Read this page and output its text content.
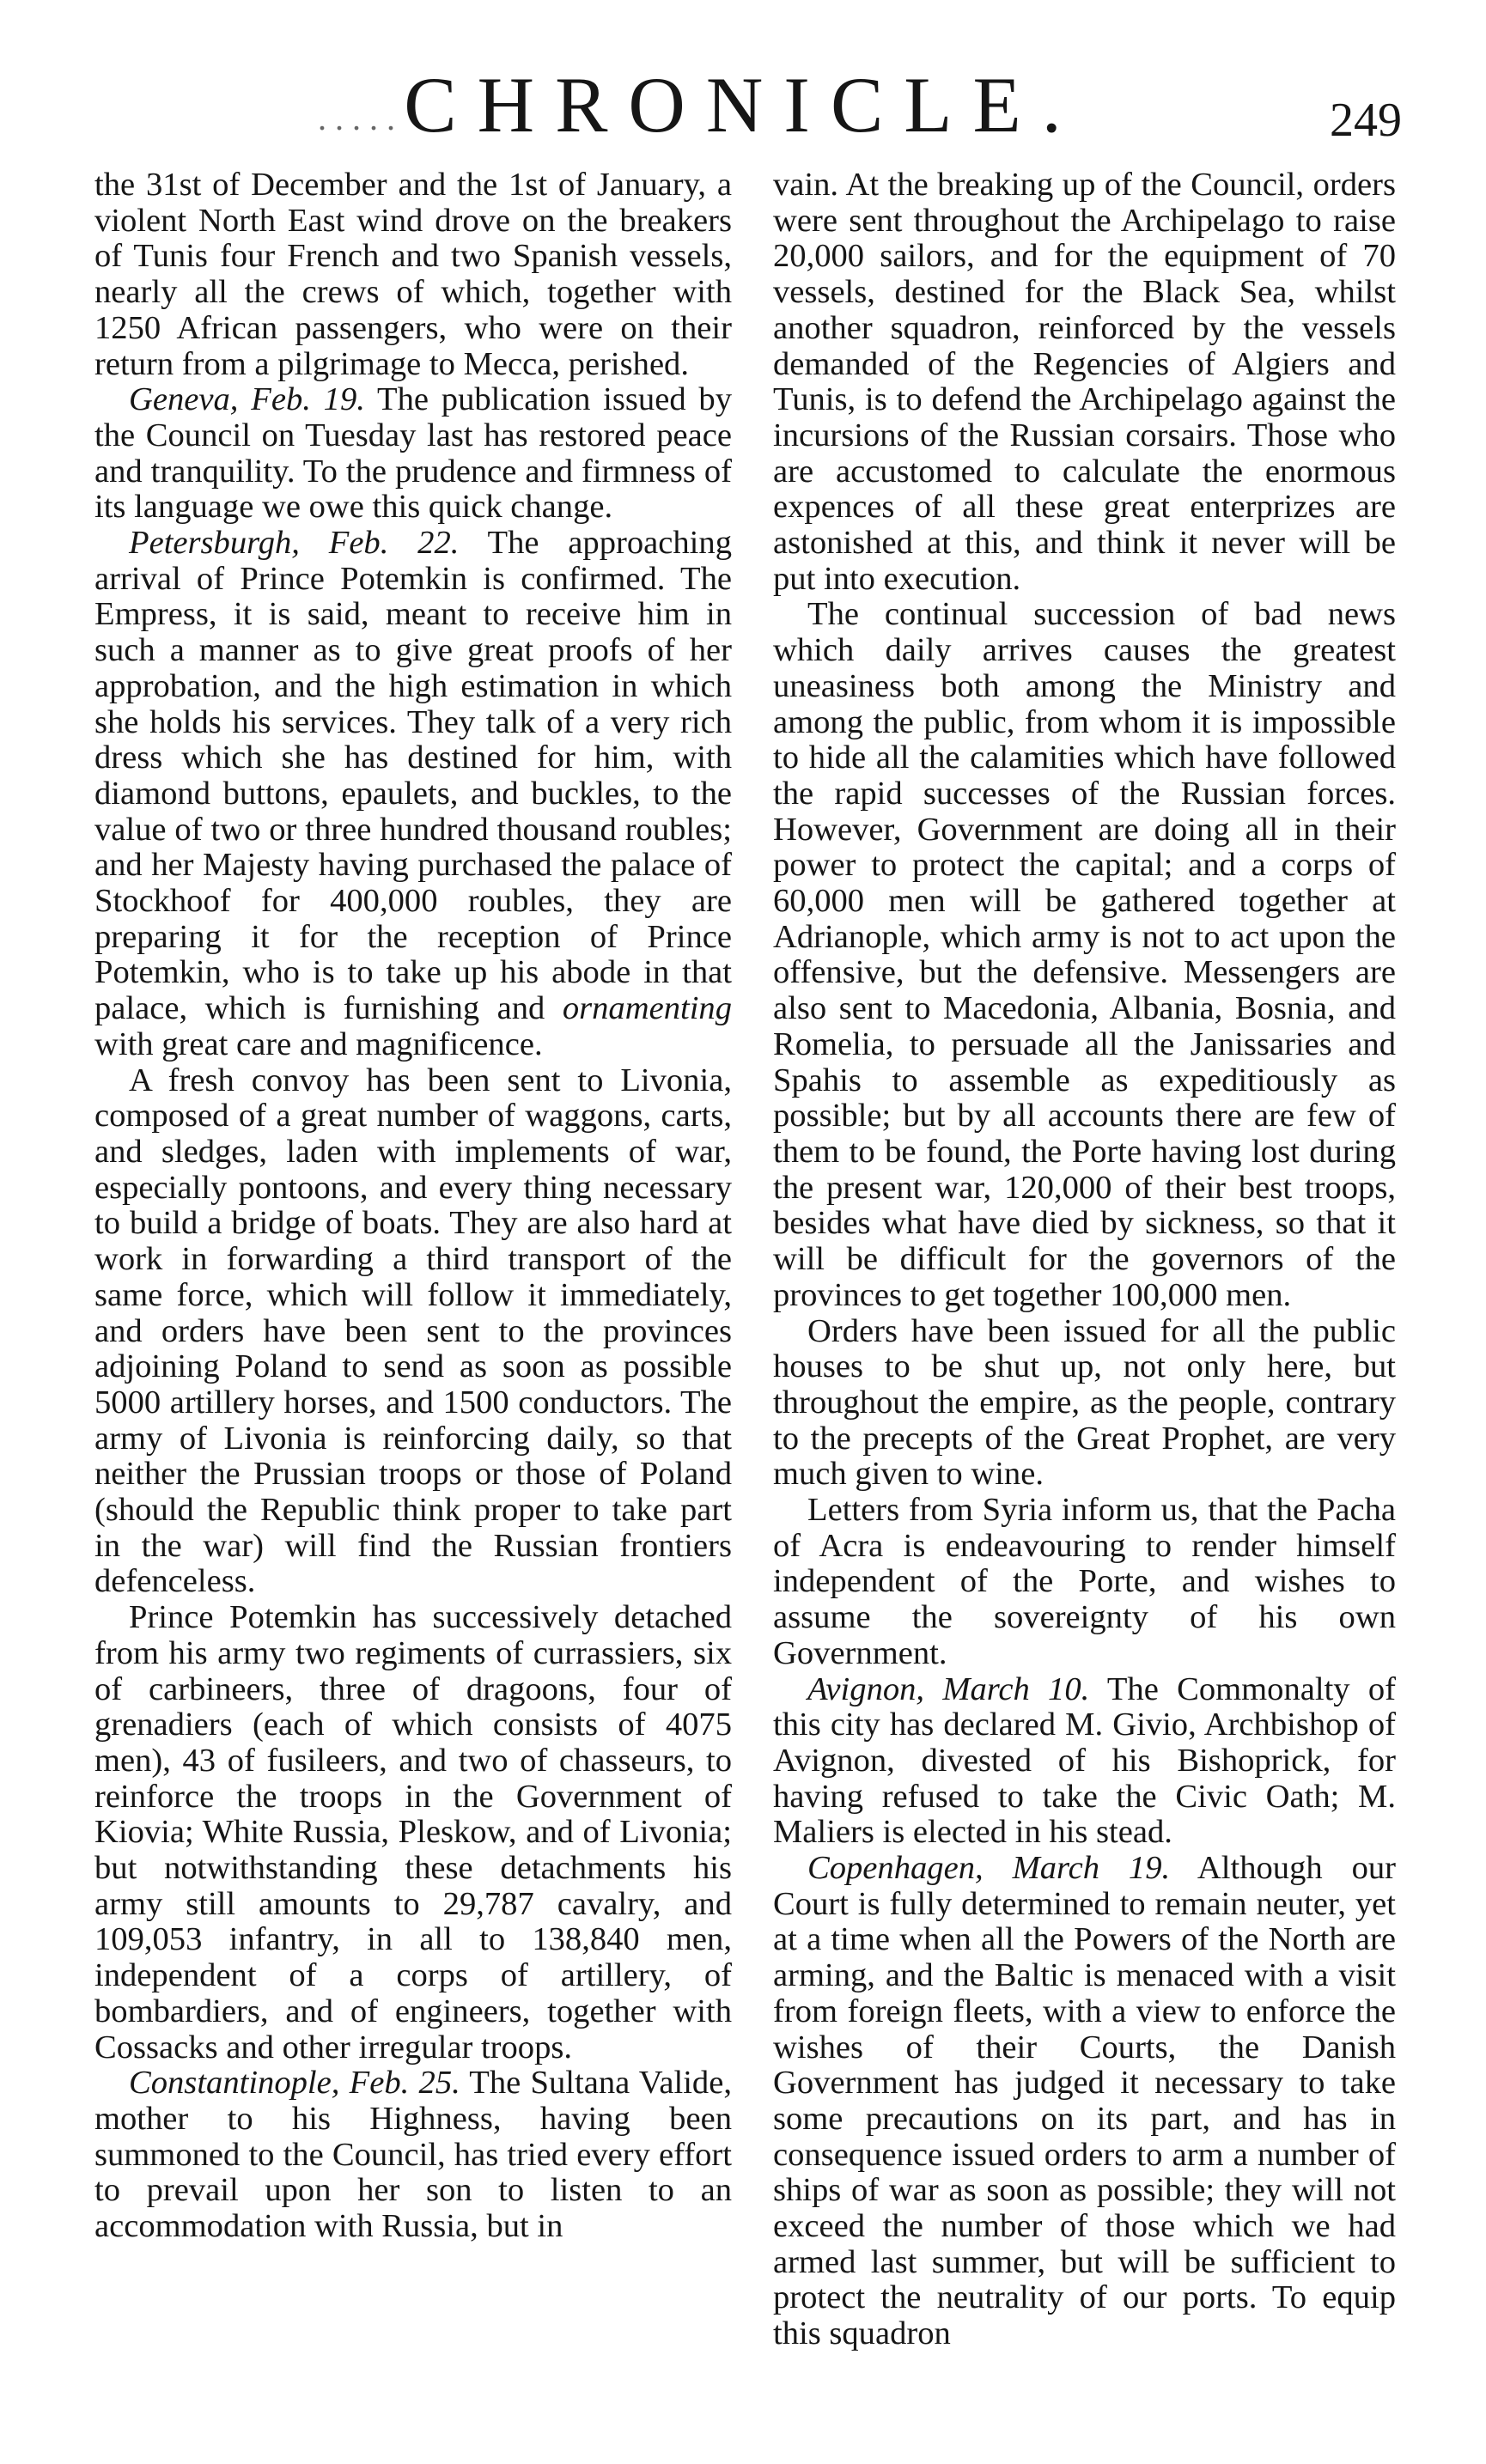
..... CHRONICLE.	249

the 31st of December and the 1st of January, a violent North East wind drove on the breakers of Tunis four French and two Spanish vessels, nearly all the crews of which, together with 1250 African passengers, who were on their return from a pilgrimage to Mecca, perished.

Geneva, Feb. 19. The publication issued by the Council on Tuesday last has restored peace and tranquility. To the prudence and firmness of its language we owe this quick change.

Petersburgh, Feb. 22. The approaching arrival of Prince Potemkin is confirmed. The Empress, it is said, meant to receive him in such a manner as to give great proofs of her approbation, and the high estimation in which she holds his services. They talk of a very rich dress which she has destined for him, with diamond buttons, epaulets, and buckles, to the value of two or three hundred thousand roubles; and her Majesty having purchased the palace of Stockhoof for 400,000 roubles, they are preparing it for the reception of Prince Potemkin, who is to take up his abode in that palace, which is furnishing and ornamenting with great care and magnificence.

A fresh convoy has been sent to Livonia, composed of a great number of waggons, carts, and sledges, laden with implements of war, especially pontoons, and every thing necessary to build a bridge of boats. They are also hard at work in forwarding a third transport of the same force, which will follow it immediately, and orders have been sent to the provinces adjoining Poland to send as soon as possible 5000 artillery horses, and 1500 conductors. The army of Livonia is reinforcing daily, so that neither the Prussian troops or those of Poland (should the Republic think proper to take part in the war) will find the Russian frontiers defenceless.

Prince Potemkin has successively detached from his army two regiments of currassiers, six of carbineers, three of dragoons, four of grenadiers (each of which consists of 4075 men), 43 of fusileers, and two of chasseurs, to reinforce the troops in the Government of Kiovia; White Russia, Pleskow, and of Livonia; but notwithstanding these detachments his army still amounts to 29,787 cavalry, and 109,053 infantry, in all to 138,840 men, independent of a corps of artillery, of bombardiers, and of engineers, together with Cossacks and other irregular troops.

Constantinople, Feb. 25. The Sultana Valide, mother to his Highness, having been summoned to the Council, has tried every effort to prevail upon her son to listen to an accommodation with Russia, but in

vain. At the breaking up of the Council, orders were sent throughout the Archipelago to raise 20,000 sailors, and for the equipment of 70 vessels, destined for the Black Sea, whilst another squadron, reinforced by the vessels demanded of the Regencies of Algiers and Tunis, is to defend the Archipelago against the incursions of the Russian corsairs. Those who are accustomed to calculate the enormous expences of all these great enterprizes are astonished at this, and think it never will be put into execution.

The continual succession of bad news which daily arrives causes the greatest uneasiness both among the Ministry and among the public, from whom it is impossible to hide all the calamities which have followed the rapid successes of the Russian forces. However, Government are doing all in their power to protect the capital; and a corps of 60,000 men will be gathered together at Adrianople, which army is not to act upon the offensive, but the defensive. Messengers are also sent to Macedonia, Albania, Bosnia, and Romelia, to persuade all the Janissaries and Spahis to assemble as expeditiously as possible; but by all accounts there are few of them to be found, the Porte having lost during the present war, 120,000 of their best troops, besides what have died by sickness, so that it will be difficult for the governors of the provinces to get together 100,000 men.

Orders have been issued for all the public houses to be shut up, not only here, but throughout the empire, as the people, contrary to the precepts of the Great Prophet, are very much given to wine.

Letters from Syria inform us, that the Pacha of Acra is endeavouring to render himself independent of the Porte, and wishes to assume the sovereignty of his own Government.

Avignon, March 10. The Commonalty of this city has declared M. Givio, Archbishop of Avignon, divested of his Bishoprick, for having refused to take the Civic Oath; M. Maliers is elected in his stead.

Copenhagen, March 19. Although our Court is fully determined to remain neuter, yet at a time when all the Powers of the North are arming, and the Baltic is menaced with a visit from foreign fleets, with a view to enforce the wishes of their Courts, the Danish Government has judged it necessary to take some precautions on its part, and has in consequence issued orders to arm a number of ships of war as soon as possible; they will not exceed the number of those which we had armed last summer, but will be sufficient to protect the neutrality of our ports. To equip this squadron
